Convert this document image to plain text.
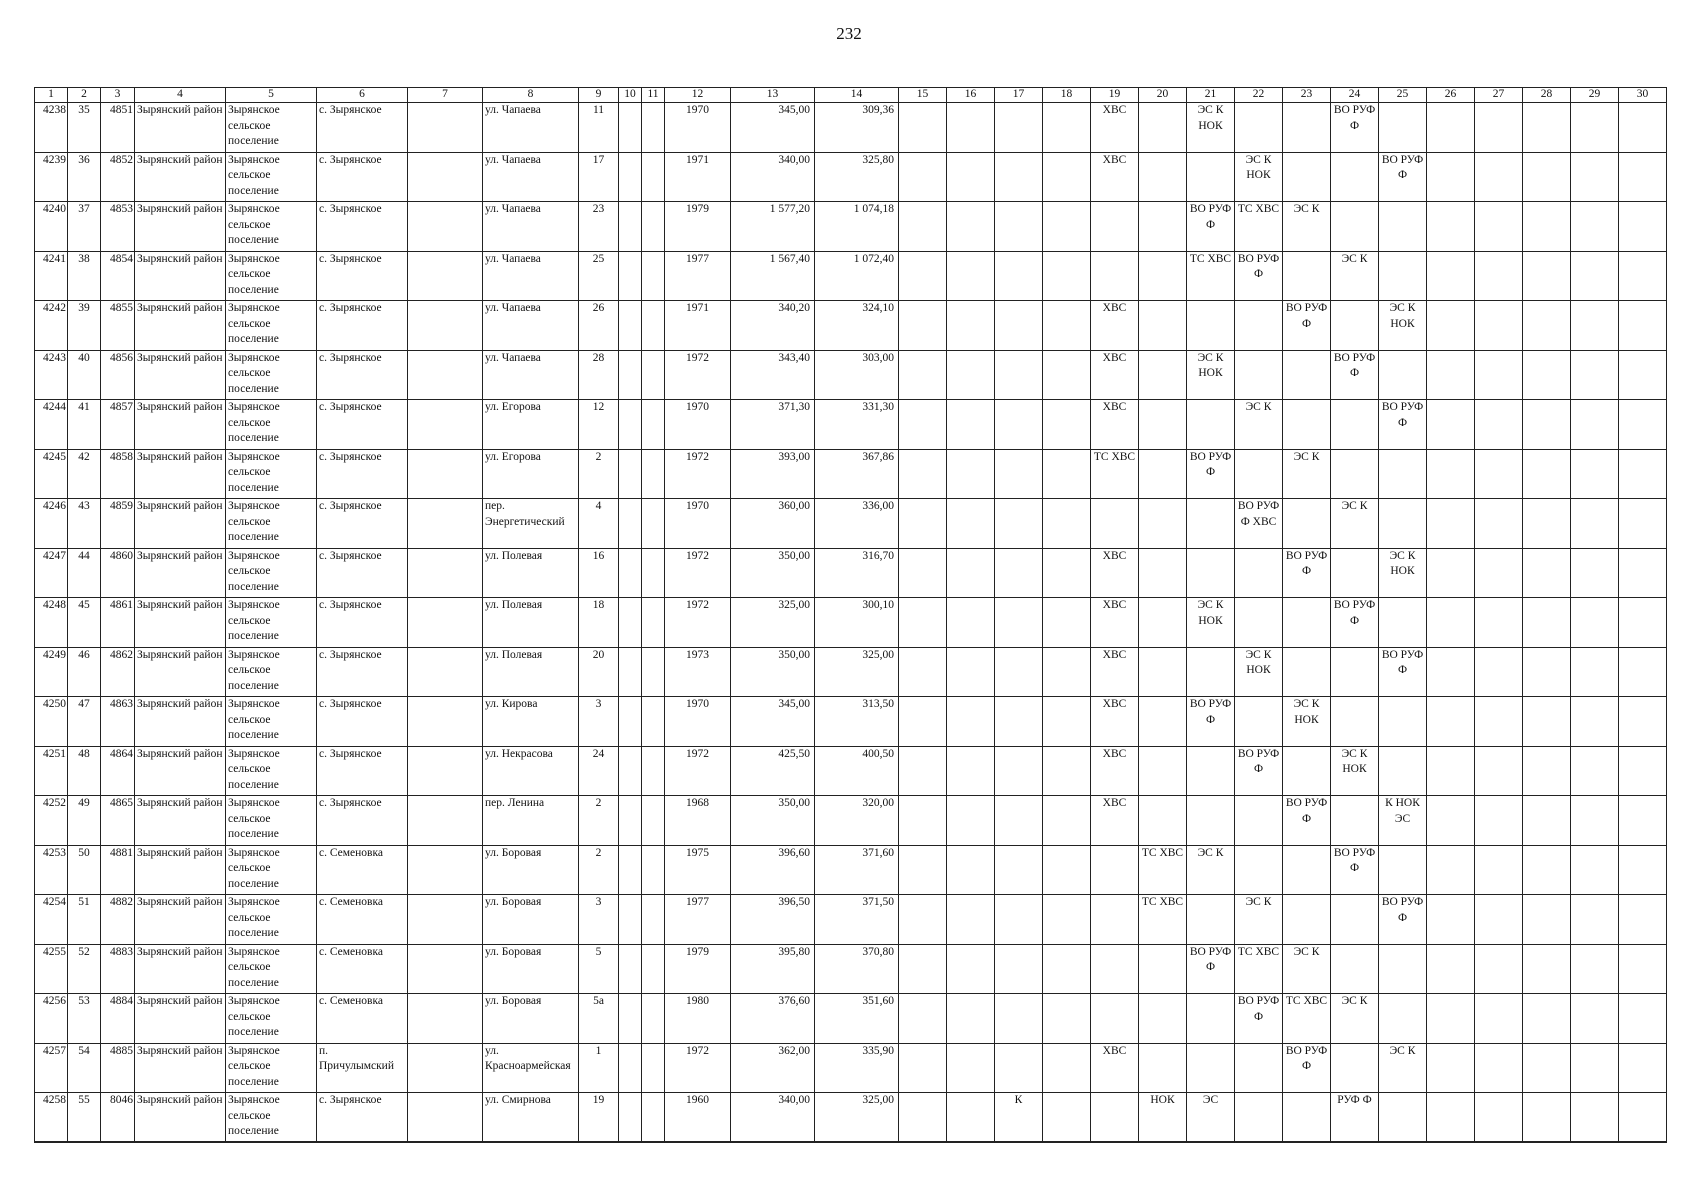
232
1	2	3	4	5	6	7	8	9	10	11	12	13	14	15	16	17	18	19	20	21	22	23	24	25	26	27	28	29	30
4238	35	4851	Зырянский район	Зырянское сельское поселение	с. Зырянское		ул. Чапаева	11			1970	345,00	309,36					ХВС		ЭС К НОК			ВО РУФ Ф						
4239	36	4852	Зырянский район	Зырянское сельское поселение	с. Зырянское		ул. Чапаева	17			1971	340,00	325,80					ХВС			ЭС К НОК			ВО РУФ Ф					
4240	37	4853	Зырянский район	Зырянское сельское поселение	с. Зырянское		ул. Чапаева	23			1979	1 577,20	1 074,18							ВО РУФ Ф	ТС ХВС	ЭС К							
4241	38	4854	Зырянский район	Зырянское сельское поселение	с. Зырянское		ул. Чапаева	25			1977	1 567,40	1 072,40							ТС ХВС	ВО РУФ Ф		ЭС К						
4242	39	4855	Зырянский район	Зырянское сельское поселение	с. Зырянское		ул. Чапаева	26			1971	340,20	324,10					ХВС				ВО РУФ Ф		ЭС К НОК					
4243	40	4856	Зырянский район	Зырянское сельское поселение	с. Зырянское		ул. Чапаева	28			1972	343,40	303,00					ХВС		ЭС К НОК			ВО РУФ Ф						
4244	41	4857	Зырянский район	Зырянское сельское поселение	с. Зырянское		ул. Егорова	12			1970	371,30	331,30					ХВС			ЭС К			ВО РУФ Ф					
4245	42	4858	Зырянский район	Зырянское сельское поселение	с. Зырянское		ул. Егорова	2			1972	393,00	367,86					ТС ХВС		ВО РУФ Ф		ЭС К							
4246	43	4859	Зырянский район	Зырянское сельское поселение	с. Зырянское		пер. Энергетический	4			1970	360,00	336,00								ВО РУФ Ф ХВС		ЭС К						
4247	44	4860	Зырянский район	Зырянское сельское поселение	с. Зырянское		ул. Полевая	16			1972	350,00	316,70					ХВС				ВО РУФ Ф		ЭС К НОК					
4248	45	4861	Зырянский район	Зырянское сельское поселение	с. Зырянское		ул. Полевая	18			1972	325,00	300,10					ХВС		ЭС К НОК			ВО РУФ Ф						
4249	46	4862	Зырянский район	Зырянское сельское поселение	с. Зырянское		ул. Полевая	20			1973	350,00	325,00					ХВС			ЭС К НОК			ВО РУФ Ф					
4250	47	4863	Зырянский район	Зырянское сельское поселение	с. Зырянское		ул. Кирова	3			1970	345,00	313,50					ХВС		ВО РУФ Ф		ЭС К НОК							
4251	48	4864	Зырянский район	Зырянское сельское поселение	с. Зырянское		ул. Некрасова	24			1972	425,50	400,50					ХВС			ВО РУФ Ф		ЭС К НОК						
4252	49	4865	Зырянский район	Зырянское сельское поселение	с. Зырянское		пер. Ленина	2			1968	350,00	320,00					ХВС				ВО РУФ Ф		К НОК ЭС					
4253	50	4881	Зырянский район	Зырянское сельское поселение	с. Семеновка		ул. Боровая	2			1975	396,60	371,60						ТС ХВС	ЭС К			ВО РУФ Ф						
4254	51	4882	Зырянский район	Зырянское сельское поселение	с. Семеновка		ул. Боровая	3			1977	396,50	371,50						ТС ХВС		ЭС К			ВО РУФ Ф					
4255	52	4883	Зырянский район	Зырянское сельское поселение	с. Семеновка		ул. Боровая	5			1979	395,80	370,80							ВО РУФ Ф	ТС ХВС	ЭС К							
4256	53	4884	Зырянский район	Зырянское сельское поселение	с. Семеновка		ул. Боровая	5а			1980	376,60	351,60								ВО РУФ Ф	ТС ХВС	ЭС К						
4257	54	4885	Зырянский район	Зырянское сельское поселение	п. Причулымский		ул. Красноармейская	1			1972	362,00	335,90					ХВС				ВО РУФ Ф		ЭС К					
4258	55	8046	Зырянский район	Зырянское сельское поселение	с. Зырянское		ул. Смирнова	19			1960	340,00	325,00			К			НОК	ЭС			РУФ Ф						
